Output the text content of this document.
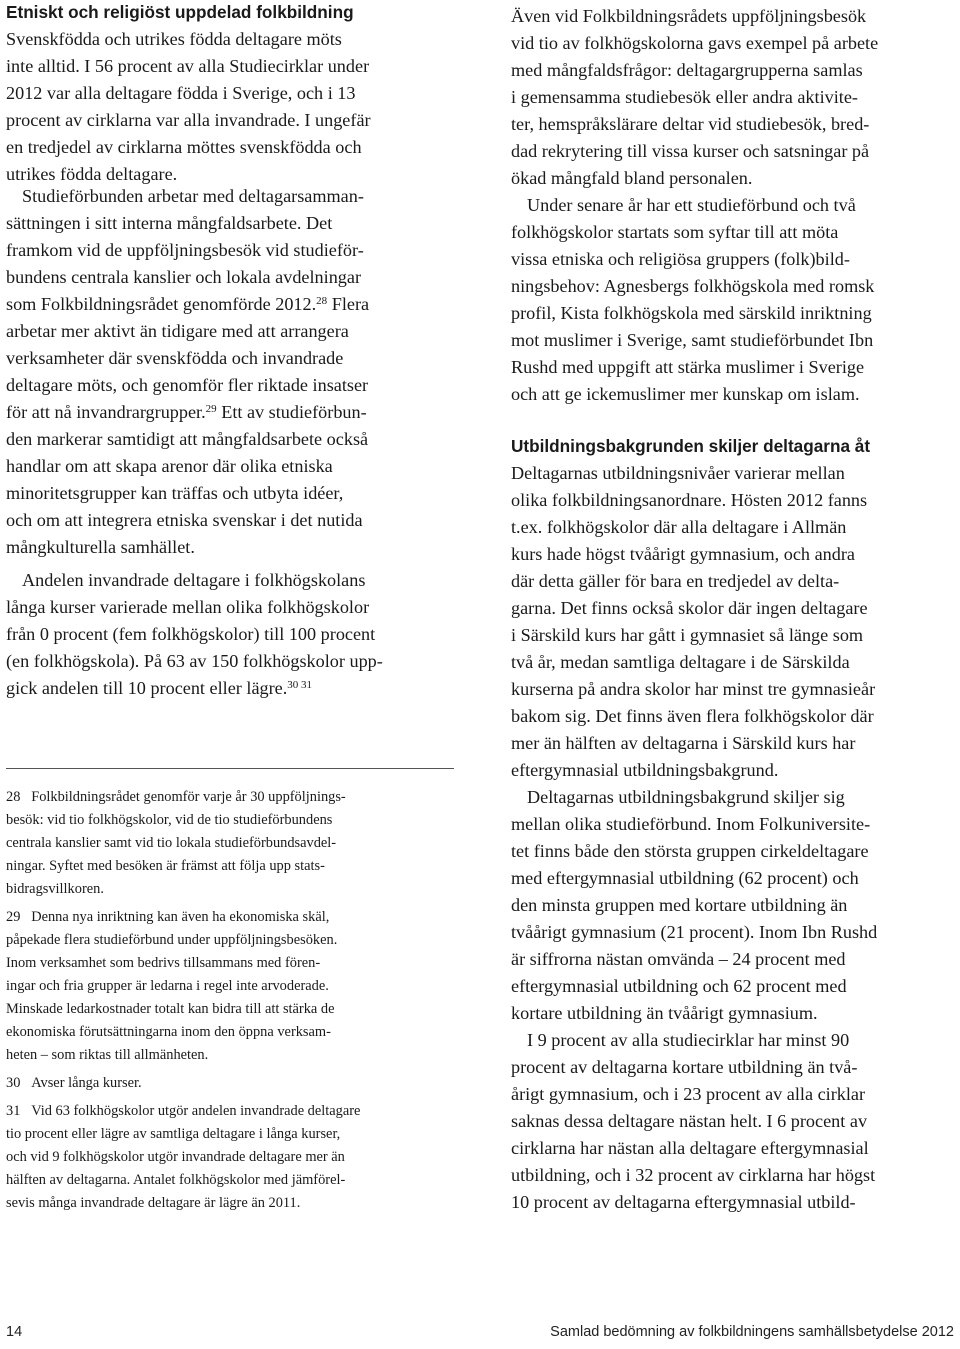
Etniskt och religiöst uppdelad folkbildning
Svenskfödda och utrikes födda deltagare möts
inte alltid. I 56 procent av alla Studiecirklar under
2012 var alla deltagare födda i Sverige, och i 13
procent av cirklarna var alla invandrade. I ungefär
en tredjedel av cirklarna möttes svenskfödda och
utrikes födda deltagare.
Studieförbunden arbetar med deltagarsamman-
sättningen i sitt interna mångfaldsarbete. Det
framkom vid de uppföljningsbesök vid studieför-
bundens centrala kanslier och lokala avdelningar
som Folkbildningsrådet genomförde 2012.28 Flera
arbetar mer aktivt än tidigare med att arrangera
verksamheter där svenskfödda och invandrade
deltagare möts, och genomför fler riktade insatser
för att nå invandrargrupper.$^{29}$ Ett av studieförbun-
den markerar samtidigt att mångfaldsarbete också
handlar om att skapa arenor där olika etniska
minoritetsgrupper kan träffas och utbyta idéer,
och om att integrera etniska svenskar i det nutida
mångkulturella samhället.
Andelen invandrade deltagare i folkhögskolans
långa kurser varierade mellan olika folkhögskolor
från 0 procent (fem folkhögskolor) till 100 procent
(en folkhögskola). På 63 av 150 folkhögskolor upp-
gick andelen till 10 procent eller lägre.$^{30 31}$
28 Folkbildningsrådet genomför varje år 30 uppföljnings-
besök: vid tio folkhögskolor, vid de tio studieförbundens
centrala kanslier samt vid tio lokala studieförbundsavdel-
ningar. Syftet med besöken är främst att följa upp stats-
bidragsvillkoren.
29 Denna nya inriktning kan även ha ekonomiska skäl,
påpekade flera studieförbund under uppföljningsbesöken.
Inom verksamhet som bedrivs tillsammans med fören-
ingar och fria grupper är ledarna i regel inte arvoderade.
Minskade ledarkostnader totalt kan bidra till att stärka de
ekonomiska förutsättningarna inom den öppna verksam-
heten – som riktas till allmänheten.
30 Avser långa kurser.
31 Vid 63 folkhögskolor utgör andelen invandrade deltagare
tio procent eller lägre av samtliga deltagare i långa kurser,
och vid 9 folkhögskolor utgör invandrade deltagare mer än
hälften av deltagarna. Antalet folkhögskolor med jämförel-
sevis många invandrade deltagare är lägre än 2011.
Även vid Folkbildningsrådets uppföljningsbesök
vid tio av folkhögskolorna gavs exempel på arbete
med mångfaldsfrågor: deltagargrupperna samlas
i gemensamma studiebesök eller andra aktivite-
ter, hemspråkslärare deltar vid studiebesök, bred-
dad rekrytering till vissa kurser och satsningar på
ökad mångfald bland personalen.
Under senare år har ett studieförbund och två
folkhögskolor startats som syftar till att möta
vissa etniska och religiösa gruppers (folk)bild-
ningsbehov: Agnesbergs folkhögskola med romsk
profil, Kista folkhögskola med särskild inriktning
mot muslimer i Sverige, samt studieförbundet Ibn
Rushd med uppgift att stärka muslimer i Sverige
och att ge ickemuslimer mer kunskap om islam.
Utbildningsbakgrunden skiljer deltagarna åt
Deltagarnas utbildningsnivåer varierar mellan
olika folkbildningsanordnare. Hösten 2012 fanns
t.ex. folkhögskolor där alla deltagare i Allmän
kurs hade högst tvåårigt gymnasium, och andra
där detta gäller för bara en tredjedel av delta-
garna. Det finns också skolor där ingen deltagare
i Särskild kurs har gått i gymnasiet så länge som
två år, medan samtliga deltagare i de Särskilda
kurserna på andra skolor har minst tre gymnasieår
bakom sig. Det finns även flera folkhögskolor där
mer än hälften av deltagarna i Särskild kurs har
eftergymnasial utbildningsbakgrund.
Deltagarnas utbildningsbakgrund skiljer sig
mellan olika studieförbund. Inom Folkuniversite-
tet finns både den största gruppen cirkeldeltagare
med eftergymnasial utbildning (62 procent) och
den minsta gruppen med kortare utbildning än
tvåårigt gymnasium (21 procent). Inom Ibn Rushd
är siffrorna nästan omvända – 24 procent med
eftergymnasial utbildning och 62 procent med
kortare utbildning än tvåårigt gymnasium.
I 9 procent av alla studiecirklar har minst 90
procent av deltagarna kortare utbildning än två-
årigt gymnasium, och i 23 procent av alla cirklar
saknas dessa deltagare nästan helt. I 6 procent av
cirklarna har nästan alla deltagare eftergymnasial
utbildning, och i 32 procent av cirklarna har högst
10 procent av deltagarna eftergymnasial utbild-
14	Samlad bedömning av folkbildningens samhällsbetydelse 2012
